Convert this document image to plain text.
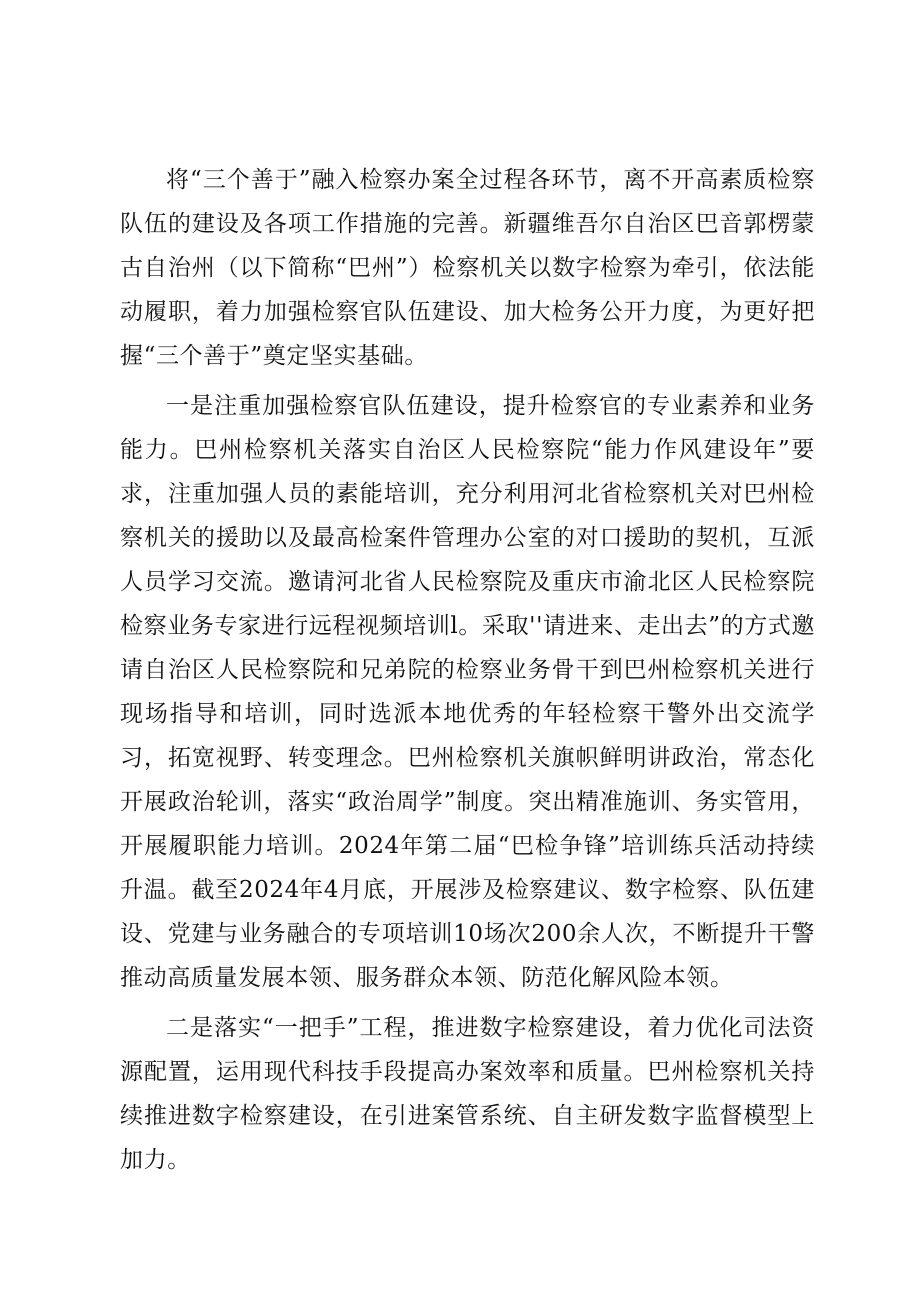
将“三个善于”融入检察办案全过程各环节，离不开高素质检察队伍的建设及各项工作措施的完善。新疆维吾尔自治区巴音郭楞蒙古自治州（以下简称“巴州”）检察机关以数字检察为牵引，依法能动履职，着力加强检察官队伍建设、加大检务公开力度，为更好把握“三个善于”奠定坚实基础。

一是注重加强检察官队伍建设，提升检察官的专业素养和业务能力。巴州检察机关落实自治区人民检察院“能力作风建设年”要求，注重加强人员的素能培训，充分利用河北省检察机关对巴州检察机关的援助以及最高检案件管理办公室的对口援助的契机，互派人员学习交流。邀请河北省人民检察院及重庆市渝北区人民检察院检察业务专家进行远程视频培训l。采取''请进来、走出去”的方式邀请自治区人民检察院和兄弟院的检察业务骨干到巴州检察机关进行现场指导和培训，同时选派本地优秀的年轻检察干警外出交流学习，拓宽视野、转变理念。巴州检察机关旗帜鲜明讲政治，常态化开展政治轮训，落实“政治周学”制度。突出精准施训、务实管用，开展履职能力培训。2024年第二届“巴检争锋”培训练兵活动持续升温。截至2024年4月底，开展涉及检察建议、数字检察、队伍建设、党建与业务融合的专项培训10场次200余人次，不断提升干警推动高质量发展本领、服务群众本领、防范化解风险本领。

二是落实“一把手”工程，推进数字检察建设，着力优化司法资源配置，运用现代科技手段提高办案效率和质量。巴州检察机关持续推进数字检察建设，在引进案管系统、自主研发数字监督模型上加力。
